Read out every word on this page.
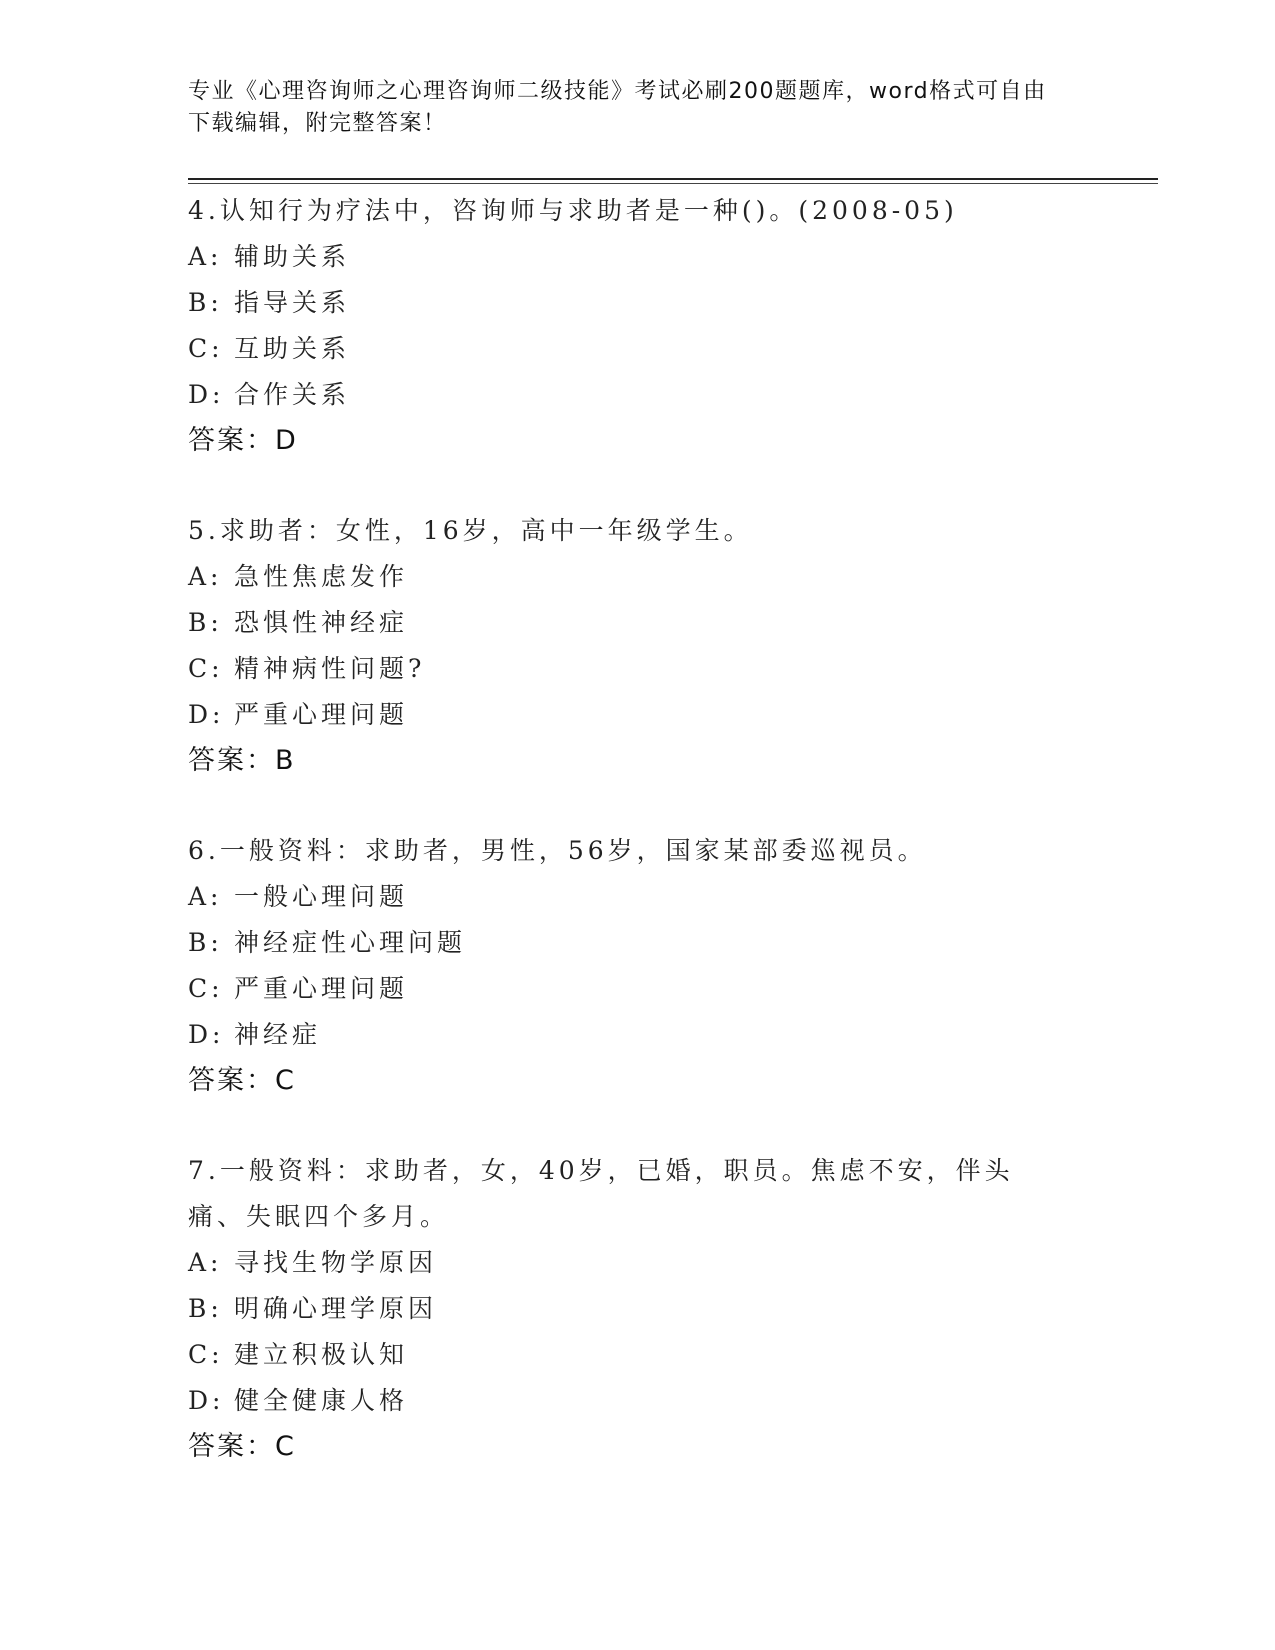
专业《心理咨询师之心理咨询师二级技能》考试必刷200题题库，word格式可自由下载编辑，附完整答案！
4.认知行为疗法中，咨询师与求助者是一种()。(2008-05)
A: 辅助关系
B: 指导关系
C: 互助关系
D: 合作关系
答案：D
5.求助者：女性，16岁，高中一年级学生。
A: 急性焦虑发作
B: 恐惧性神经症
C: 精神病性问题?
D: 严重心理问题
答案：B
6.一般资料：求助者，男性，56岁，国家某部委巡视员。
A: 一般心理问题
B: 神经症性心理问题
C: 严重心理问题
D: 神经症
答案：C
7.一般资料：求助者，女，40岁，已婚，职员。焦虑不安，伴头痛、失眠四个多月。
A: 寻找生物学原因
B: 明确心理学原因
C: 建立积极认知
D: 健全健康人格
答案：C
